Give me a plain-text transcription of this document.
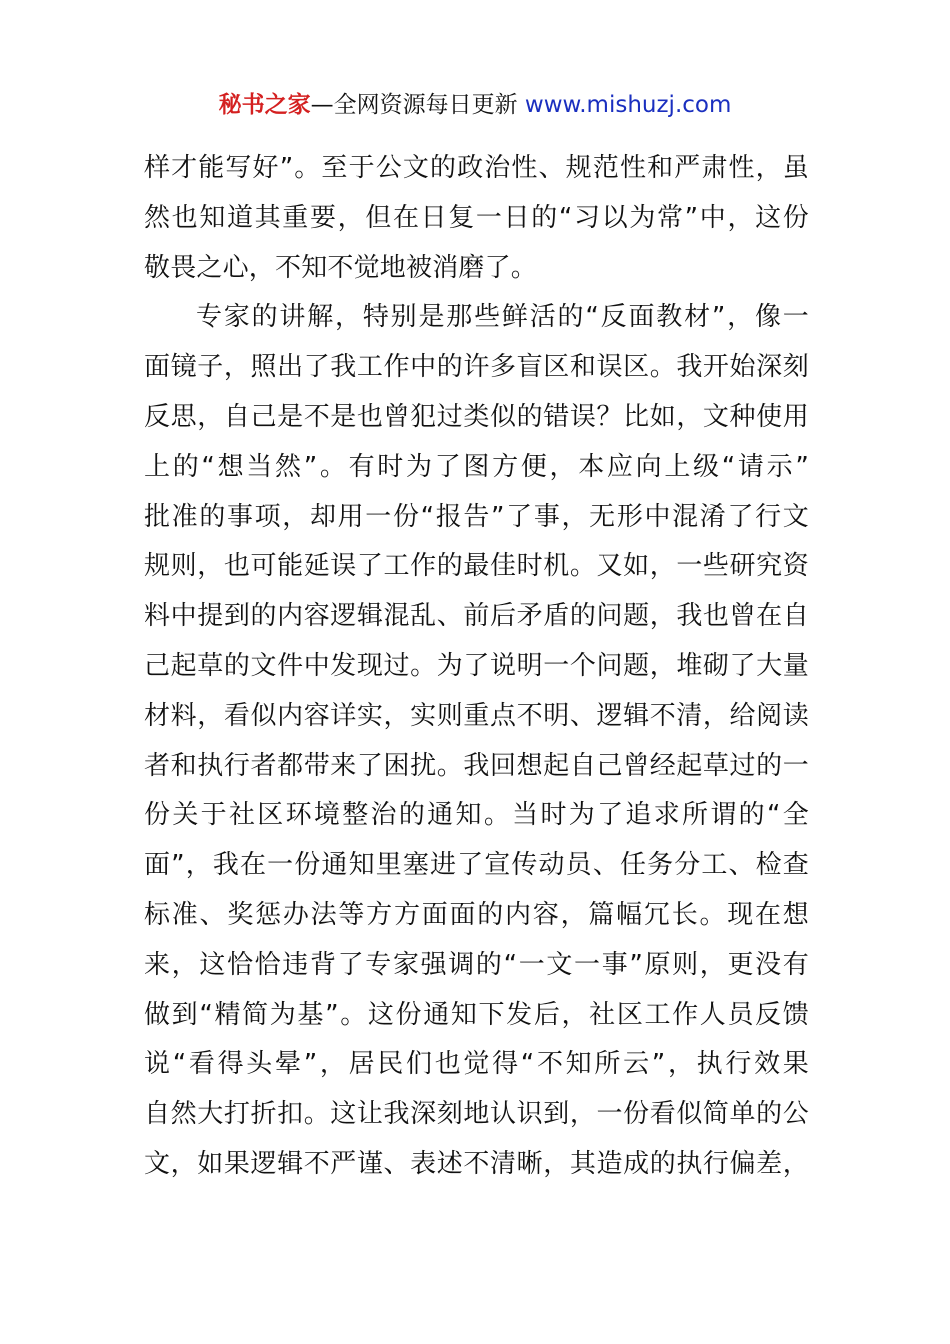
秘书之家—全网资源每日更新 www.mishuzj.com
样才能写好”。至于公文的政治性、规范性和严肃性，虽
然也知道其重要，但在日复一日的“习以为常”中，这份
敬畏之心，不知不觉地被消磨了。
专家的讲解，特别是那些鲜活的“反面教材”，像一
面镜子，照出了我工作中的许多盲区和误区。我开始深刻
反思，自己是不是也曾犯过类似的错误？比如，文种使用
上的“想当然”。有时为了图方便，本应向上级“请示”
批准的事项，却用一份“报告”了事，无形中混淆了行文
规则，也可能延误了工作的最佳时机。又如，一些研究资
料中提到的内容逻辑混乱、前后矛盾的问题，我也曾在自
己起草的文件中发现过。为了说明一个问题，堆砌了大量
材料，看似内容详实，实则重点不明、逻辑不清，给阅读
者和执行者都带来了困扰。我回想起自己曾经起草过的一
份关于社区环境整治的通知。当时为了追求所谓的“全
面”，我在一份通知里塞进了宣传动员、任务分工、检查
标准、奖惩办法等方方面面的内容，篇幅冗长。现在想
来，这恰恰违背了专家强调的“一文一事”原则，更没有
做到“精简为基”。这份通知下发后，社区工作人员反馈
说“看得头晕”，居民们也觉得“不知所云”，执行效果
自然大打折扣。这让我深刻地认识到，一份看似简单的公
文，如果逻辑不严谨、表述不清晰，其造成的执行偏差，
